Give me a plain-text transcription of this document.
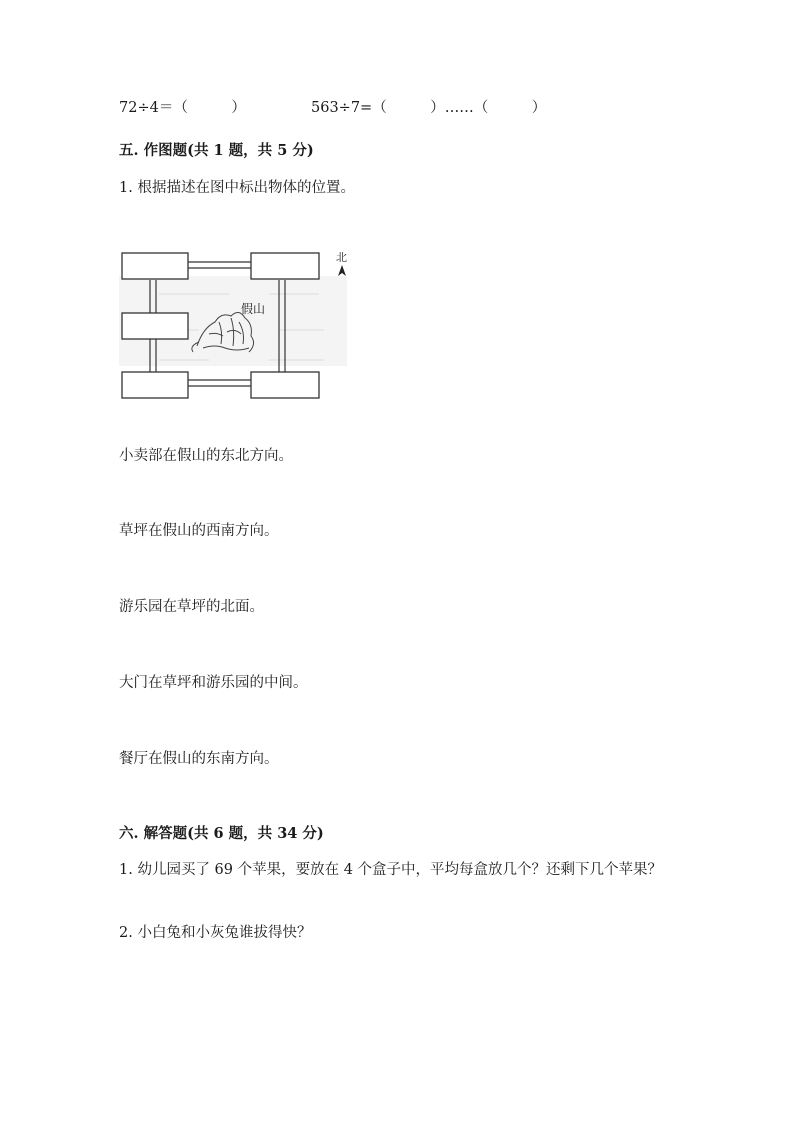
72÷4＝（　　　）	563÷7=（　　　）……（　　　）
五. 作图题(共 1 题，共 5 分)
1. 根据描述在图中标出物体的位置。
假山
北
小卖部在假山的东北方向。
草坪在假山的西南方向。
游乐园在草坪的北面。
大门在草坪和游乐园的中间。
餐厅在假山的东南方向。
六. 解答题(共 6 题，共 34 分)
1. 幼儿园买了 69 个苹果，要放在 4 个盒子中，平均每盒放几个？还剩下几个苹果？
2. 小白兔和小灰兔谁拔得快？
